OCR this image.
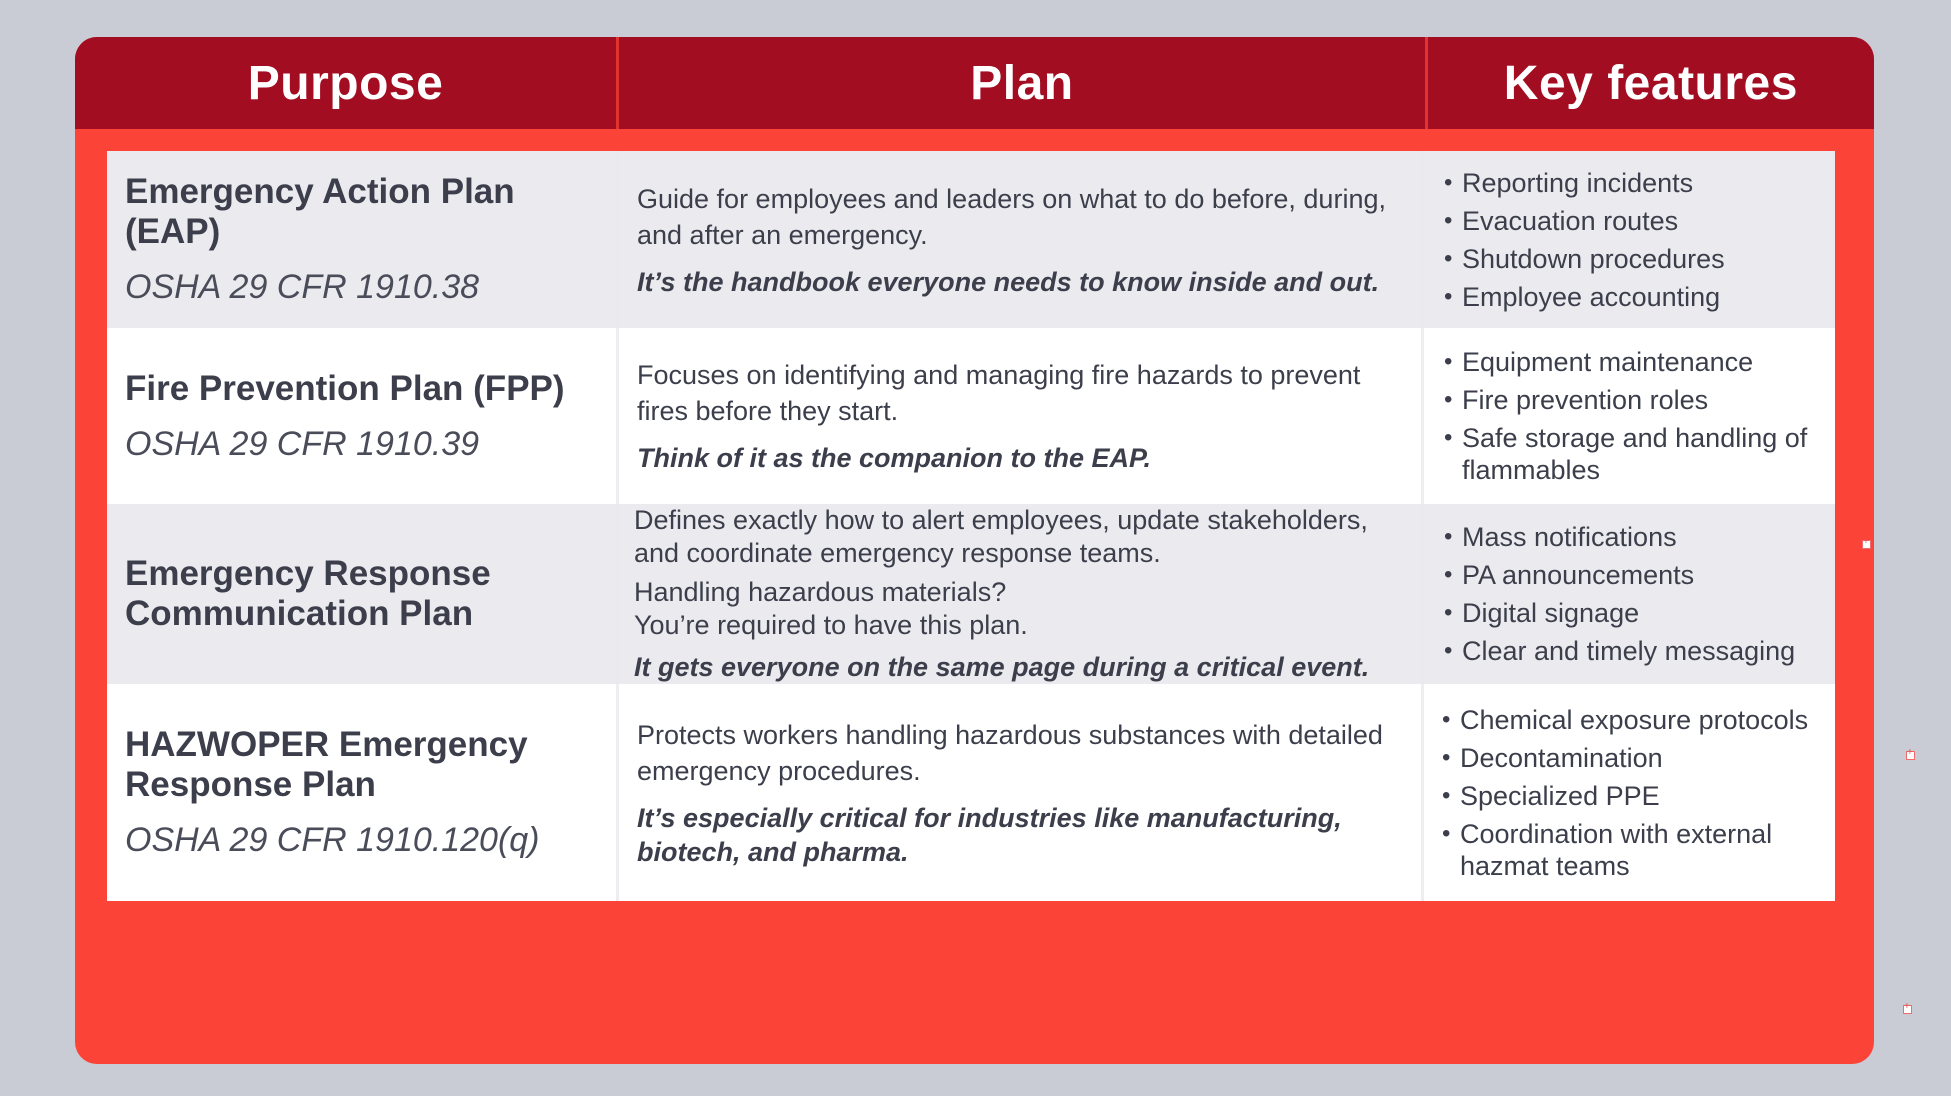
Purpose	Plan	Key features
Emergency Action Plan (EAP)
OSHA 29 CFR 1910.38
Guide for employees and leaders on what to do before, during, and after an emergency.
It’s the handbook everyone needs to know inside and out.
• Reporting incidents
• Evacuation routes
• Shutdown procedures
• Employee accounting
Fire Prevention Plan (FPP)
OSHA 29 CFR 1910.39
Focuses on identifying and managing fire hazards to prevent fires before they start.
Think of it as the companion to the EAP.
• Equipment maintenance
• Fire prevention roles
• Safe storage and handling of flammables
Emergency Response Communication Plan
Defines exactly how to alert employees, update stakeholders, and coordinate emergency response teams.
Handling hazardous materials?
You’re required to have this plan.
It gets everyone on the same page during a critical event.
• Mass notifications
• PA announcements
• Digital signage
• Clear and timely messaging
HAZWOPER Emergency Response Plan
OSHA 29 CFR 1910.120(q)
Protects workers handling hazardous substances with detailed emergency procedures.
It’s especially critical for industries like manufacturing, biotech, and pharma.
• Chemical exposure protocols
• Decontamination
• Specialized PPE
• Coordination with external hazmat teams
+
+
+
